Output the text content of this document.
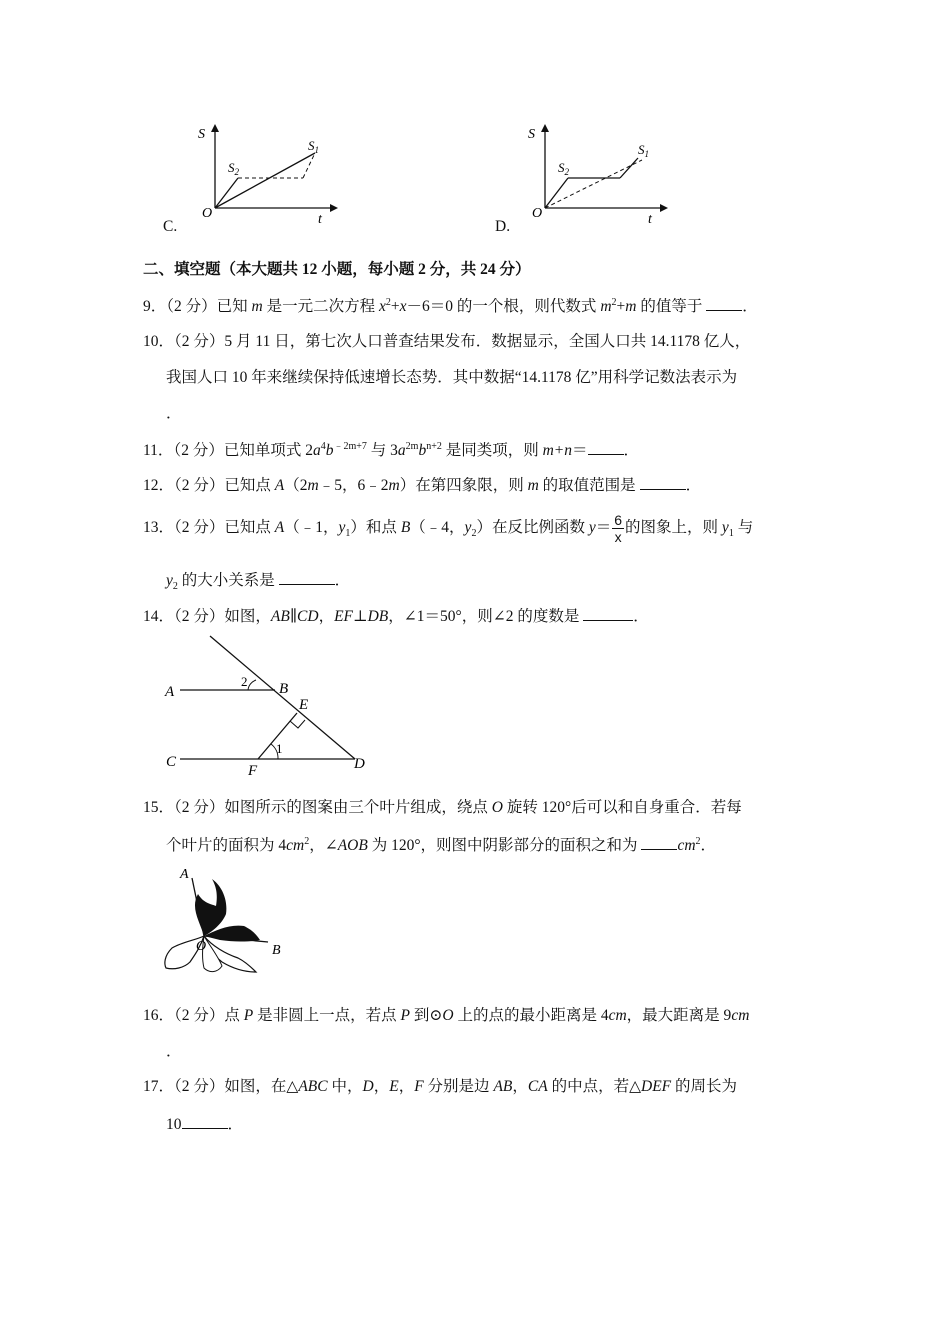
S
t
O
$S_1$
$S_2$
C.
S
t
O
$S_1$
$S_2$
D.
二、填空题（本大题共 12 小题，每小题 2 分，共 24 分）
9．（2 分）已知 m 是一元二次方程 $x^2+x-6=0$ 的一个根，则代数式 $m^2+m$ 的值等于 ．
10．（2 分）5 月 11 日，第七次人口普查结果发布．数据显示，全国人口共 14.1178 亿人，
我国人口 10 年来继续保持低速增长态势．其中数据“14.1178 亿”用科学记数法表示为
．
11．（2 分）已知单项式 $2a^4b^{﹣2m+7}$ 与 $3a^{2m}b^{n+2}$ 是同类项，则 m+n＝ ．
12．（2 分）已知点 A（2m﹣5，6﹣2m）在第四象限，则 m 的取值范围是	．
13．（2 分）已知点 A（﹣1，$y_1$）和点 B（﹣4，$y_2$）在反比例函数 $y= \frac{6}{x}$ 的图象上，则 $y_1$ 与
$y_2$ 的大小关系是	．
14．（2 分）如图，AB∥CD，EF⊥DB，∠1＝50°，则∠2 的度数是	．
A	B
C	D
E
F
1
2
15．（2 分）如图所示的图案由三个叶片组成，绕点 O 旋转 120°后可以和自身重合．若每
个叶片的面积为 $4cm^2$，∠AOB 为 120°，则图中阴影部分的面积之和为 $cm^2$．
A
O	B
16．（2 分）点 P 是非圆上一点，若点 P 到⊙O 上的点的最小距离是 4cm，最大距离是 9cm
．
17．（2 分）如图，在△ABC 中，D，E，F 分别是边 AB，CA 的中点，若△DEF 的周长为
10	．
